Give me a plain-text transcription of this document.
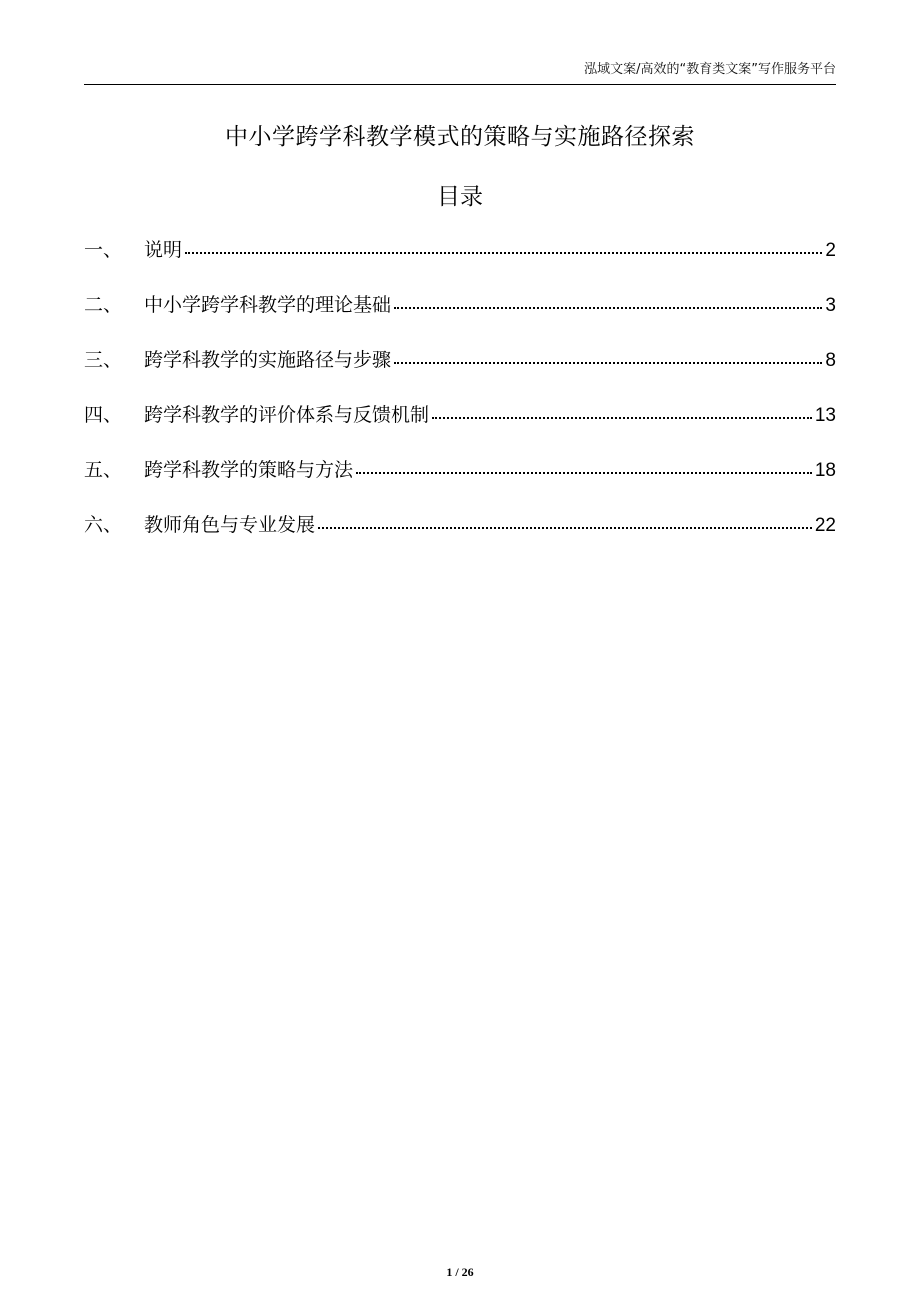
泓域文案/高效的“教育类文案”写作服务平台
中小学跨学科教学模式的策略与实施路径探索
目录
一、	说明	2
二、	中小学跨学科教学的理论基础	3
三、	跨学科教学的实施路径与步骤	8
四、	跨学科教学的评价体系与反馈机制	13
五、	跨学科教学的策略与方法	18
六、	教师角色与专业发展	22
1 / 26
